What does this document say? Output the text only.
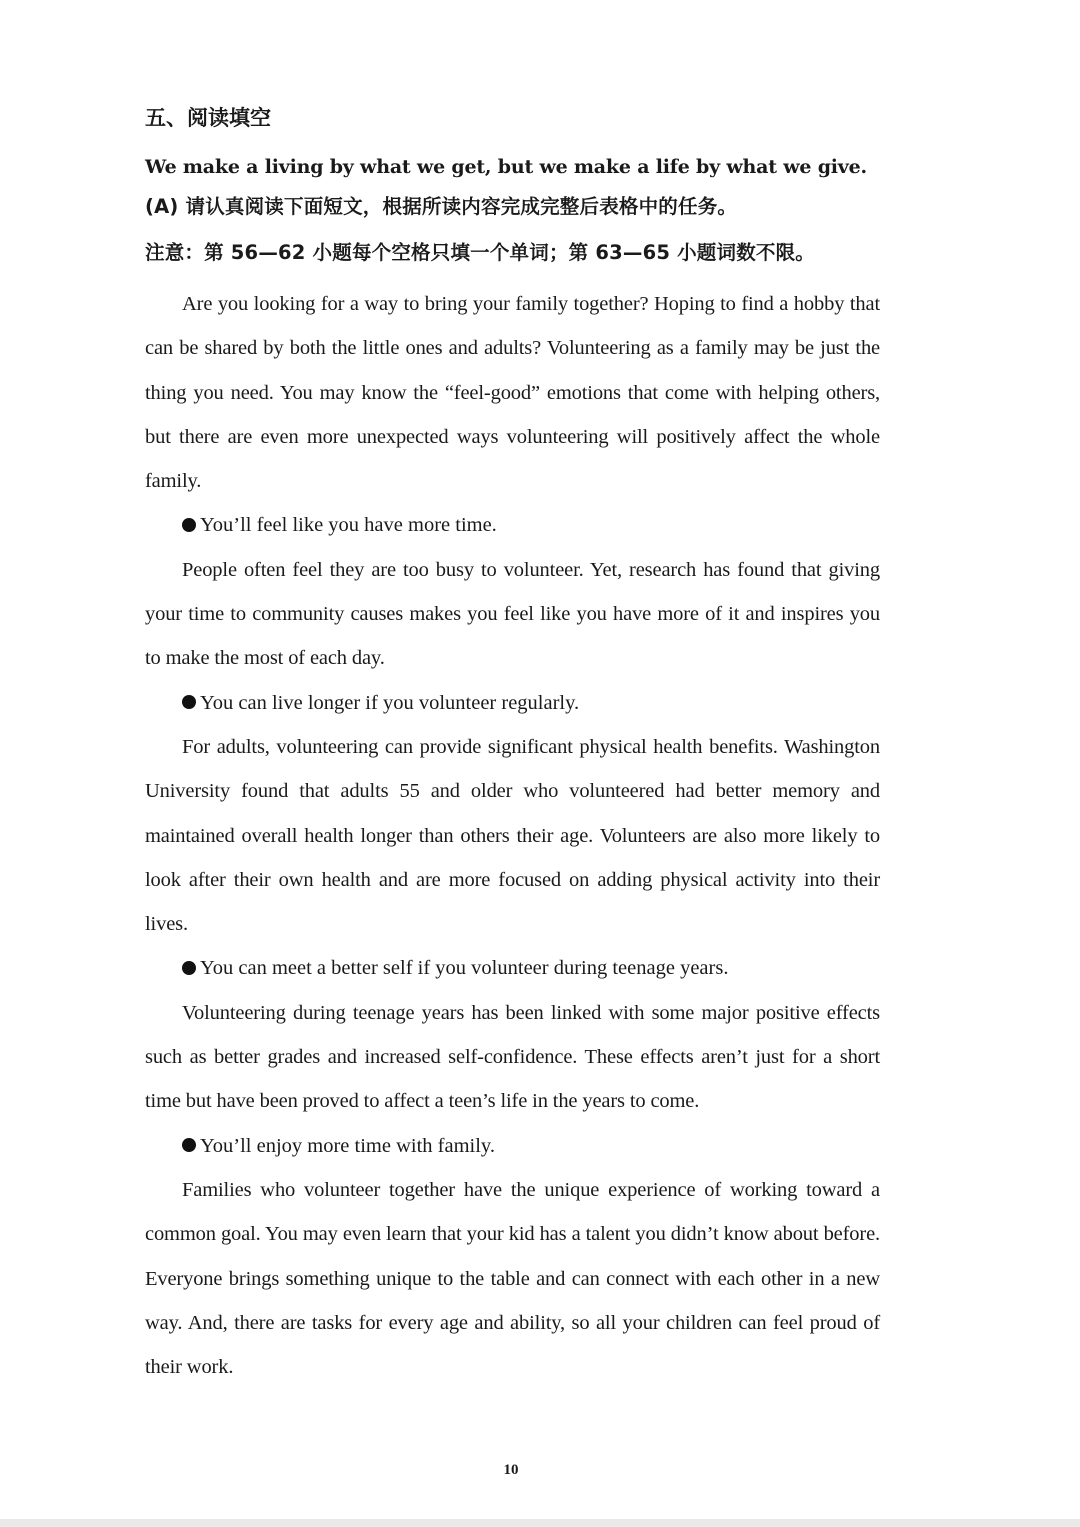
五、阅读填空

We make a living by what we get, but we make a life by what we give.

(A) 请认真阅读下面短文，根据所读内容完成完整后表格中的任务。

注意：第 56—62 小题每个空格只填一个单词；第 63—65 小题词数不限。

Are you looking for a way to bring your family together? Hoping to find a hobby that can be shared by both the little ones and adults? Volunteering as a family may be just the thing you need. You may know the “feel-good” emotions that come with helping others, but there are even more unexpected ways volunteering will positively affect the whole family.

You’ll feel like you have more time.

People often feel they are too busy to volunteer. Yet, research has found that giving your time to community causes makes you feel like you have more of it and inspires you to make the most of each day.

You can live longer if you volunteer regularly.

For adults, volunteering can provide significant physical health benefits. Washington University found that adults 55 and older who volunteered had better memory and maintained overall health longer than others their age. Volunteers are also more likely to look after their own health and are more focused on adding physical activity into their lives.

You can meet a better self if you volunteer during teenage years.

Volunteering during teenage years has been linked with some major positive effects such as better grades and increased self-confidence. These effects aren’t just for a short time but have been proved to affect a teen’s life in the years to come.

You’ll enjoy more time with family.

Families who volunteer together have the unique experience of working toward a common goal. You may even learn that your kid has a talent you didn’t know about before. Everyone brings something unique to the table and can connect with each other in a new way. And, there are tasks for every age and ability, so all your children can feel proud of their work.

10
